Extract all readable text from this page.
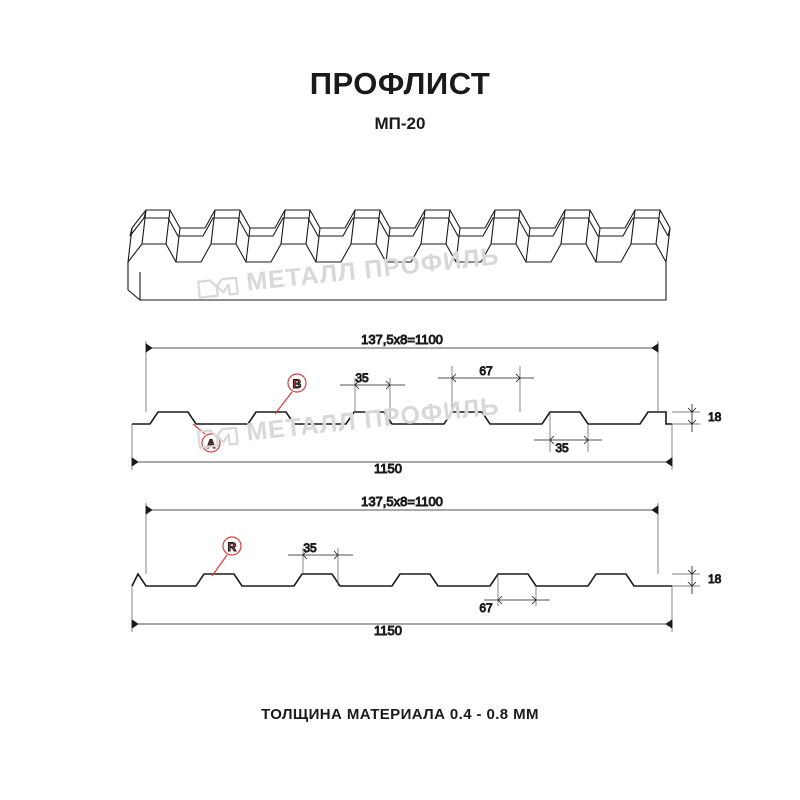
ПРОФЛИСТ
МП-20
137,5х8=1100
1150
35	67
35
18
A
B
137,5х8=1100
1150
35
67
18
R
МЕТАЛЛ ПРОФИЛЬ
МЕТАЛЛ ПРОФИЛЬ
ТОЛЩИНА МАТЕРИАЛА 0.4 - 0.8 ММ
